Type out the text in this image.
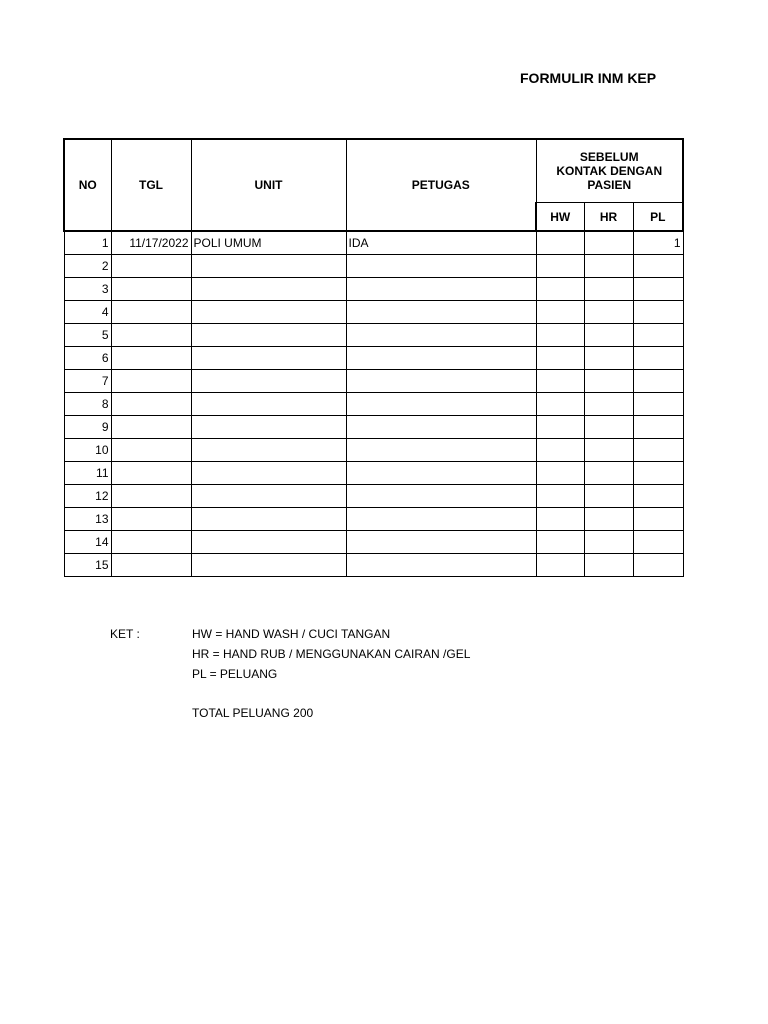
FORMULIR INM KEP
NO	TGL	UNIT	PETUGAS	SEBELUM KONTAK DENGAN PASIEN		
				HW	HR	PL
1	11/17/2022	POLI UMUM	IDA			1
2						
3						
4						
5						
6						
7						
8						
9						
10						
11						
12						
13						
14						
15						
KET :	HW = HAND WASH / CUCI TANGAN
HR = HAND RUB / MENGGUNAKAN CAIRAN /GEL
PL = PELUANG
TOTAL PELUANG 200
